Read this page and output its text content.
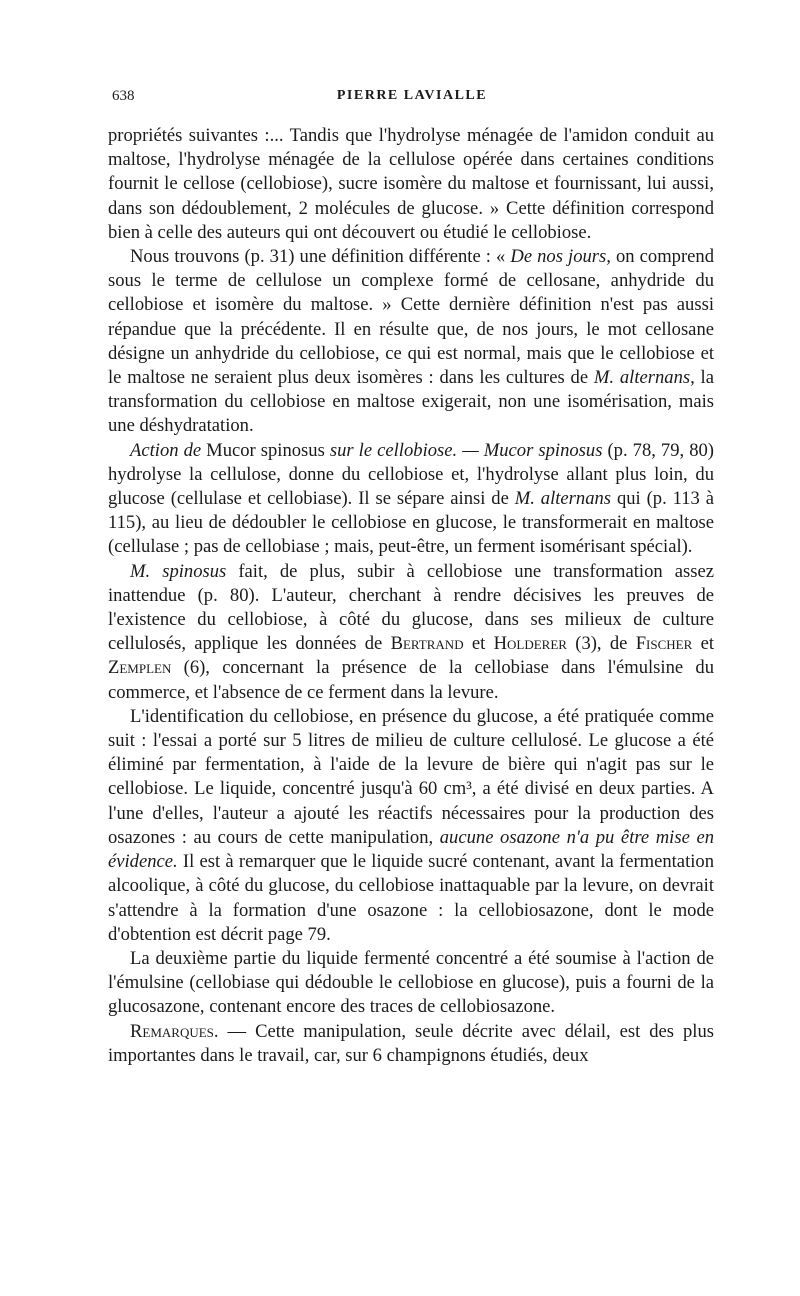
638	PIERRE LAVIALLE

propriétés suivantes :... Tandis que l'hydrolyse ménagée de l'amidon conduit au maltose, l'hydrolyse ménagée de la cellulose opérée dans certaines conditions fournit le cellose (cellobiose), sucre isomère du maltose et fournissant, lui aussi, dans son dédoublement, 2 molécules de glucose. » Cette définition correspond bien à celle des auteurs qui ont découvert ou étudié le cellobiose.

Nous trouvons (p. 31) une définition différente : « De nos jours, on comprend sous le terme de cellulose un complexe formé de cellosane, anhydride du cellobiose et isomère du maltose. » Cette dernière définition n'est pas aussi répandue que la précédente. Il en résulte que, de nos jours, le mot cellosane désigne un anhydride du cellobiose, ce qui est normal, mais que le cellobiose et le maltose ne seraient plus deux isomères : dans les cultures de M. alternans, la transformation du cellobiose en maltose exigerait, non une isomérisation, mais une déshydratation.

Action de Mucor spinosus sur le cellobiose. — Mucor spinosus (p. 78, 79, 80) hydrolyse la cellulose, donne du cellobiose et, l'hydrolyse allant plus loin, du glucose (cellulase et cellobiase). Il se sépare ainsi de M. alternans qui (p. 113 à 115), au lieu de dédoubler le cellobiose en glucose, le transformerait en maltose (cellulase ; pas de cellobiase ; mais, peut-être, un ferment isomérisant spécial).

M. spinosus fait, de plus, subir à cellobiose une transformation assez inattendue (p. 80). L'auteur, cherchant à rendre décisives les preuves de l'existence du cellobiose, à côté du glucose, dans ses milieux de culture cellulosés, applique les données de Bertrand et Holderer (3), de Fischer et Zemplen (6), concernant la présence de la cellobiase dans l'émulsine du commerce, et l'absence de ce ferment dans la levure.

L'identification du cellobiose, en présence du glucose, a été pratiquée comme suit : l'essai a porté sur 5 litres de milieu de culture cellulosé. Le glucose a été éliminé par fermentation, à l'aide de la levure de bière qui n'agit pas sur le cellobiose. Le liquide, concentré jusqu'à 60 cm³, a été divisé en deux parties. A l'une d'elles, l'auteur a ajouté les réactifs nécessaires pour la production des osazones : au cours de cette manipulation, aucune osazone n'a pu être mise en évidence. Il est à remarquer que le liquide sucré contenant, avant la fermentation alcoolique, à côté du glucose, du cellobiose inattaquable par la levure, on devrait s'attendre à la formation d'une osazone : la cellobiosazone, dont le mode d'obtention est décrit page 79.

La deuxième partie du liquide fermenté concentré a été soumise à l'action de l'émulsine (cellobiase qui dédouble le cellobiose en glucose), puis a fourni de la glucosazone, contenant encore des traces de cellobiosazone.

Remarques. — Cette manipulation, seule décrite avec délail, est des plus importantes dans le travail, car, sur 6 champignons étudiés, deux
